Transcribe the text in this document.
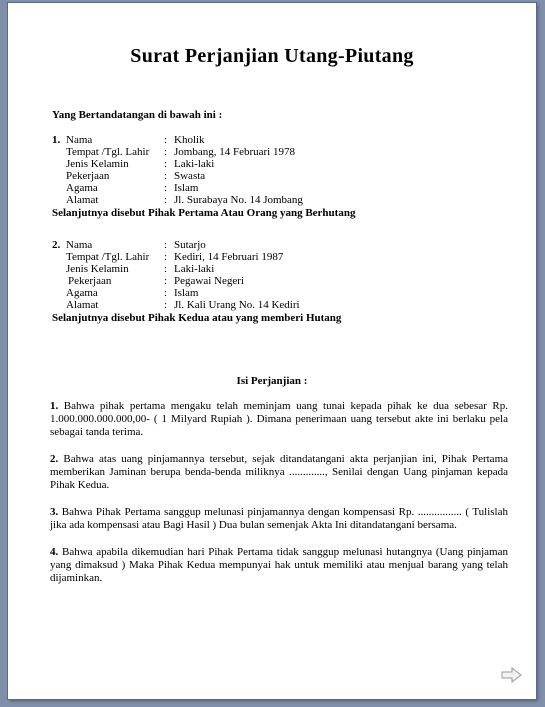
Surat Perjanjian Utang-Piutang
Yang Bertandatangan di bawah ini :
1. Nama	: Kholik
Tempat /Tgl. Lahir : Jombang, 14 Februari 1978
Jenis Kelamin	: Laki-laki
Pekerjaan	: Swasta
Agama	: Islam
Alamat	: Jl. Surabaya No. 14 Jombang
Selanjutnya disebut Pihak Pertama Atau Orang yang Berhutang
2. Nama	: Sutarjo
Tempat /Tgl. Lahir : Kediri, 14 Februari 1987
Jenis Kelamin	: Laki-laki
Pekerjaan	: Pegawai Negeri
Agama	: Islam
Alamat	: Jl. Kali Urang No. 14 Kediri
Selanjutnya disebut Pihak Kedua atau yang memberi Hutang
Isi Perjanjian :

1. Bahwa pihak pertama mengaku telah meminjam uang tunai kepada pihak ke dua sebesar Rp. 1.000.000.000.000,00- ( 1 Milyard Rupiah ). Dimana penerimaan uang tersebut akte ini berlaku pela sebagai tanda terima.

2. Bahwa atas uang pinjamannya tersebut, sejak ditandatangani akta perjanjian ini, Pihak Pertama memberikan Jaminan berupa benda-benda miliknya ............., Senilai dengan Uang pinjaman kepada Pihak Kedua.

3. Bahwa Pihak Pertama sanggup melunasi pinjamannya dengan kompensasi Rp. ................ ( Tulislah jika ada kompensasi atau Bagi Hasil ) Dua bulan semenjak Akta Ini ditandatangani bersama.

4. Bahwa apabila dikemudian hari Pihak Pertama tidak sanggup melunasi hutangnya (Uang pinjaman yang dimaksud ) Maka Pihak Kedua mempunyai hak untuk memiliki atau menjual barang yang telah dijaminkan.
